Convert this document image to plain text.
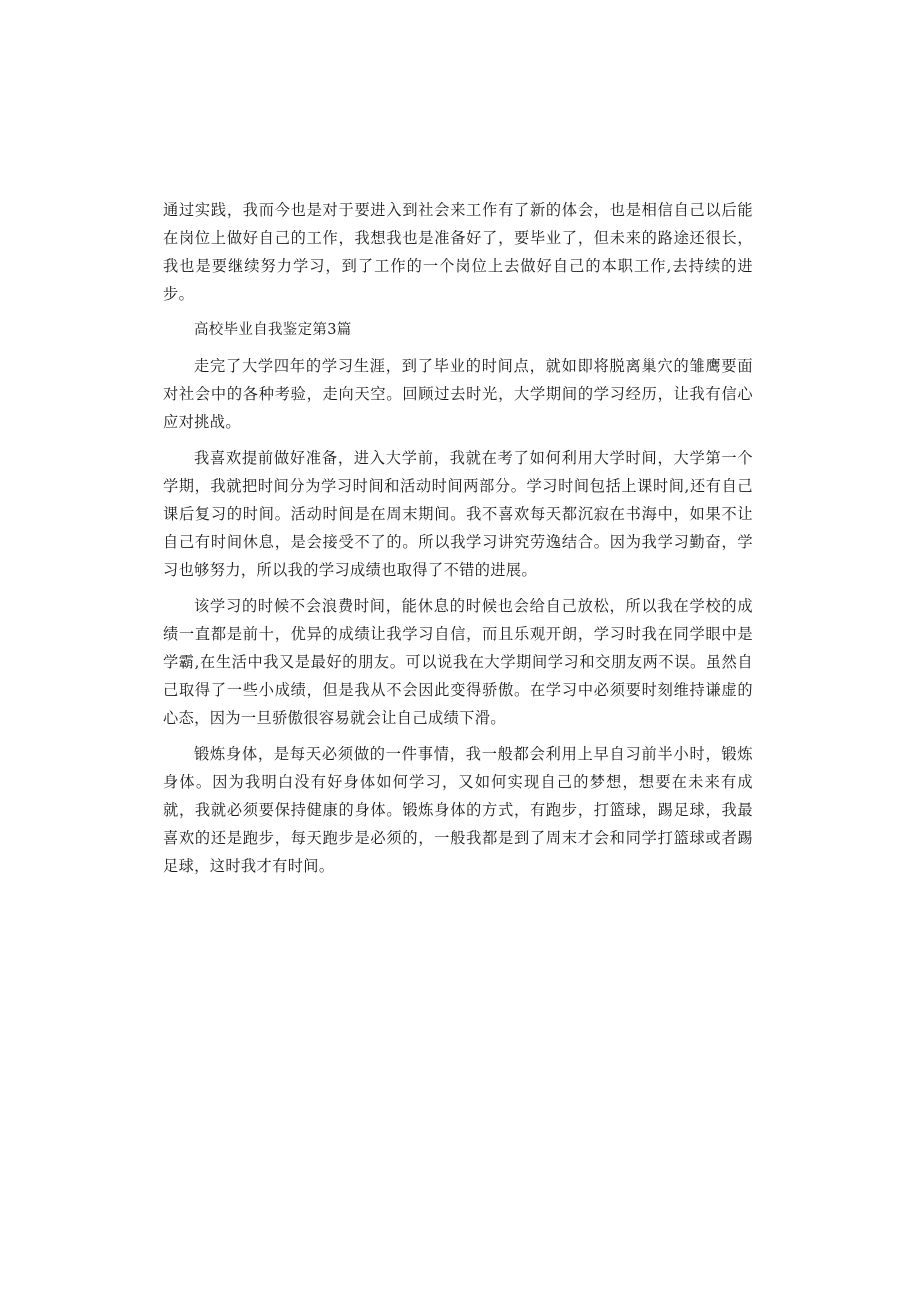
通过实践，我而今也是对于要进入到社会来工作有了新的体会，也是相信自己以后能在岗位上做好自己的工作，我想我也是准备好了，要毕业了，但未来的路途还很长，我也是要继续努力学习，到了工作的一个岗位上去做好自己的本职工作,去持续的进步。

高校毕业自我鉴定第3篇

走完了大学四年的学习生涯，到了毕业的时间点，就如即将脱离巢穴的雏鹰要面对社会中的各种考验，走向天空。回顾过去时光，大学期间的学习经历，让我有信心应对挑战。

我喜欢提前做好准备，进入大学前，我就在考了如何利用大学时间，大学第一个学期，我就把时间分为学习时间和活动时间两部分。学习时间包括上课时间,还有自己课后复习的时间。活动时间是在周末期间。我不喜欢每天都沉寂在书海中，如果不让自己有时间休息，是会接受不了的。所以我学习讲究劳逸结合。因为我学习勤奋，学习也够努力，所以我的学习成绩也取得了不错的进展。

该学习的时候不会浪费时间，能休息的时候也会给自己放松，所以我在学校的成绩一直都是前十，优异的成绩让我学习自信，而且乐观开朗，学习时我在同学眼中是学霸,在生活中我又是最好的朋友。可以说我在大学期间学习和交朋友两不误。虽然自己取得了一些小成绩，但是我从不会因此变得骄傲。在学习中必须要时刻维持谦虚的心态，因为一旦骄傲很容易就会让自己成绩下滑。

锻炼身体，是每天必须做的一件事情，我一般都会利用上早自习前半小时，锻炼身体。因为我明白没有好身体如何学习，又如何实现自己的梦想，想要在未来有成就，我就必须要保持健康的身体。锻炼身体的方式，有跑步，打篮球，踢足球，我最喜欢的还是跑步，每天跑步是必须的，一般我都是到了周末才会和同学打篮球或者踢足球，这时我才有时间。
